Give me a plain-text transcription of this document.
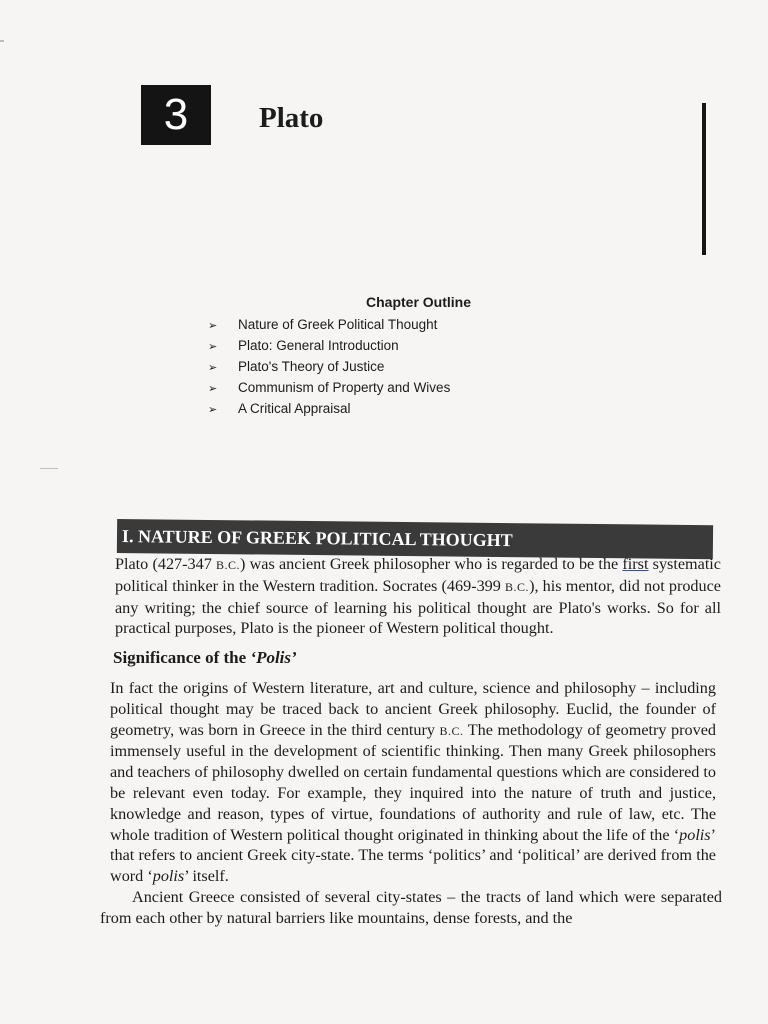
3	Plato
Chapter Outline
➢ Nature of Greek Political Thought
➢ Plato: General Introduction
➢ Plato's Theory of Justice
➢ Communism of Property and Wives
➢ A Critical Appraisal
I. NATURE OF GREEK POLITICAL THOUGHT

Plato (427-347 B.C.) was ancient Greek philosopher who is regarded to be the first systematic political thinker in the Western tradition. Socrates (469-399 B.C.), his mentor, did not produce any writing; the chief source of learning his political thought are Plato's works. So for all practical purposes, Plato is the pioneer of Western political thought.

Significance of the ‘Polis’

In fact the origins of Western literature, art and culture, science and philosophy – including political thought may be traced back to ancient Greek philosophy. Euclid, the founder of geometry, was born in Greece in the third century B.C. The methodology of geometry proved immensely useful in the development of scientific thinking. Then many Greek philosophers and teachers of philosophy dwelled on certain fundamental questions which are considered to be relevant even today. For example, they inquired into the nature of truth and justice, knowledge and reason, types of virtue, foundations of authority and rule of law, etc. The whole tradition of Western political thought originated in thinking about the life of the ‘polis’ that refers to ancient Greek city-state. The terms ‘politics’ and ‘political’ are derived from the word ‘polis’ itself.

Ancient Greece consisted of several city-states – the tracts of land which were separated from each other by natural barriers like mountains, dense forests, and the
